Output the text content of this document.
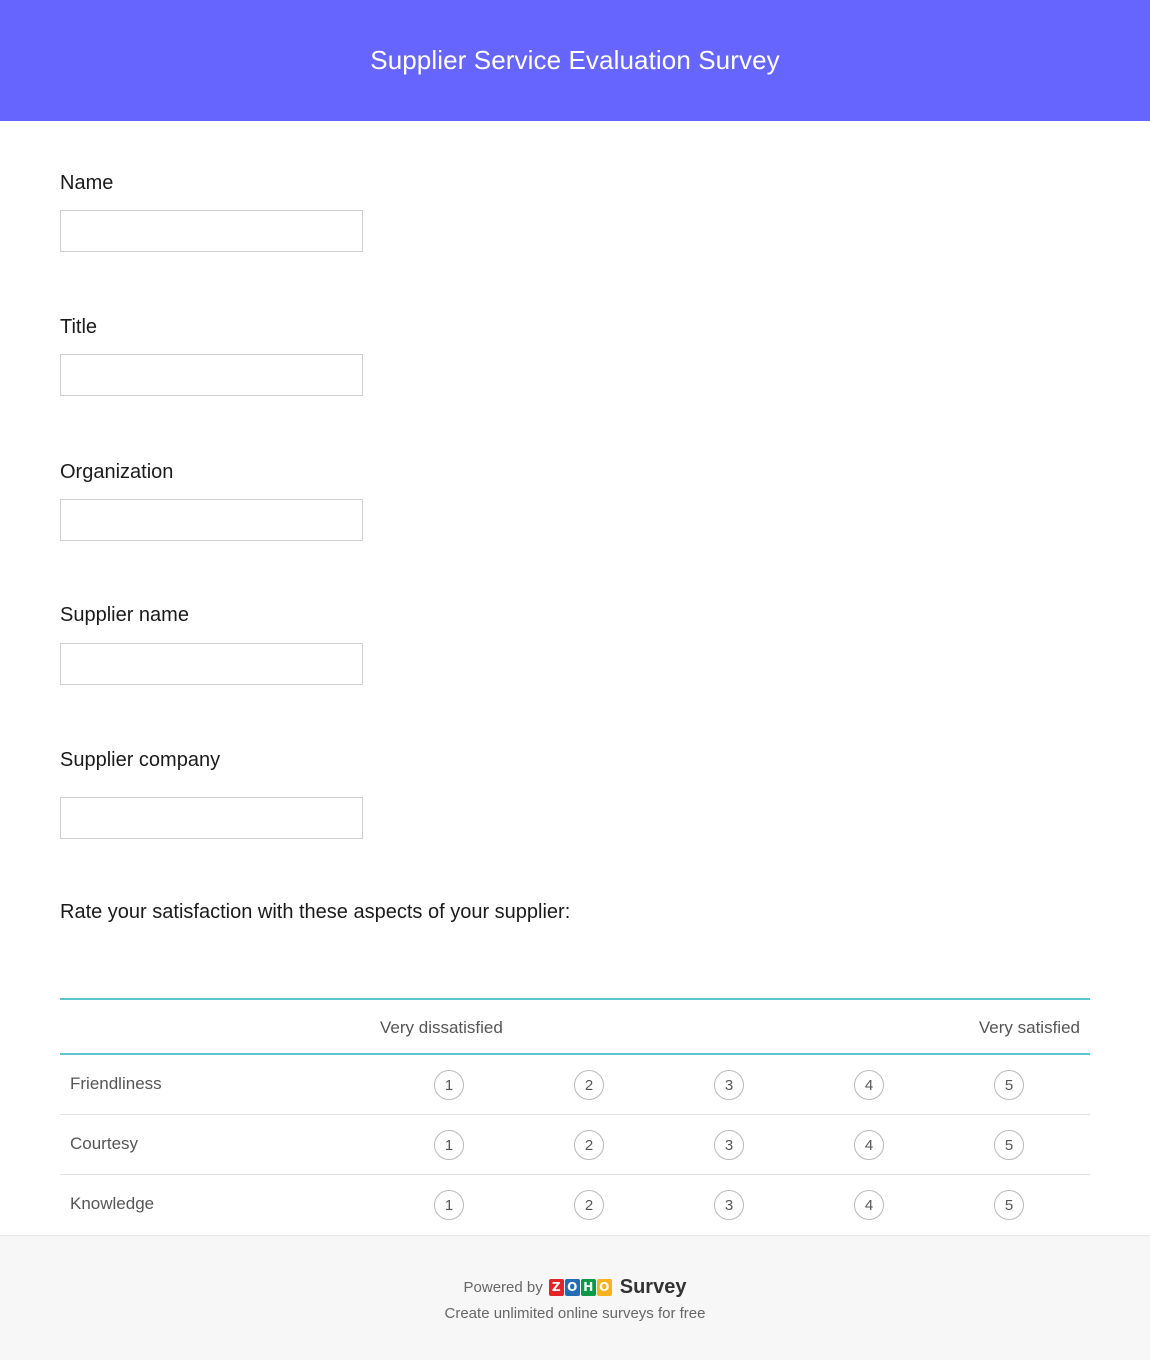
Supplier Service Evaluation Survey
Name
Title
Organization
Supplier name
Supplier company
Rate your satisfaction with these aspects of your supplier:
Very dissatisfied	Very satisfied
Friendliness	1	2	3	4	5
Courtesy	1	2	3	4	5
Knowledge	1	2	3	4	5
Powered by Z O H O Survey
Create unlimited online surveys for free
